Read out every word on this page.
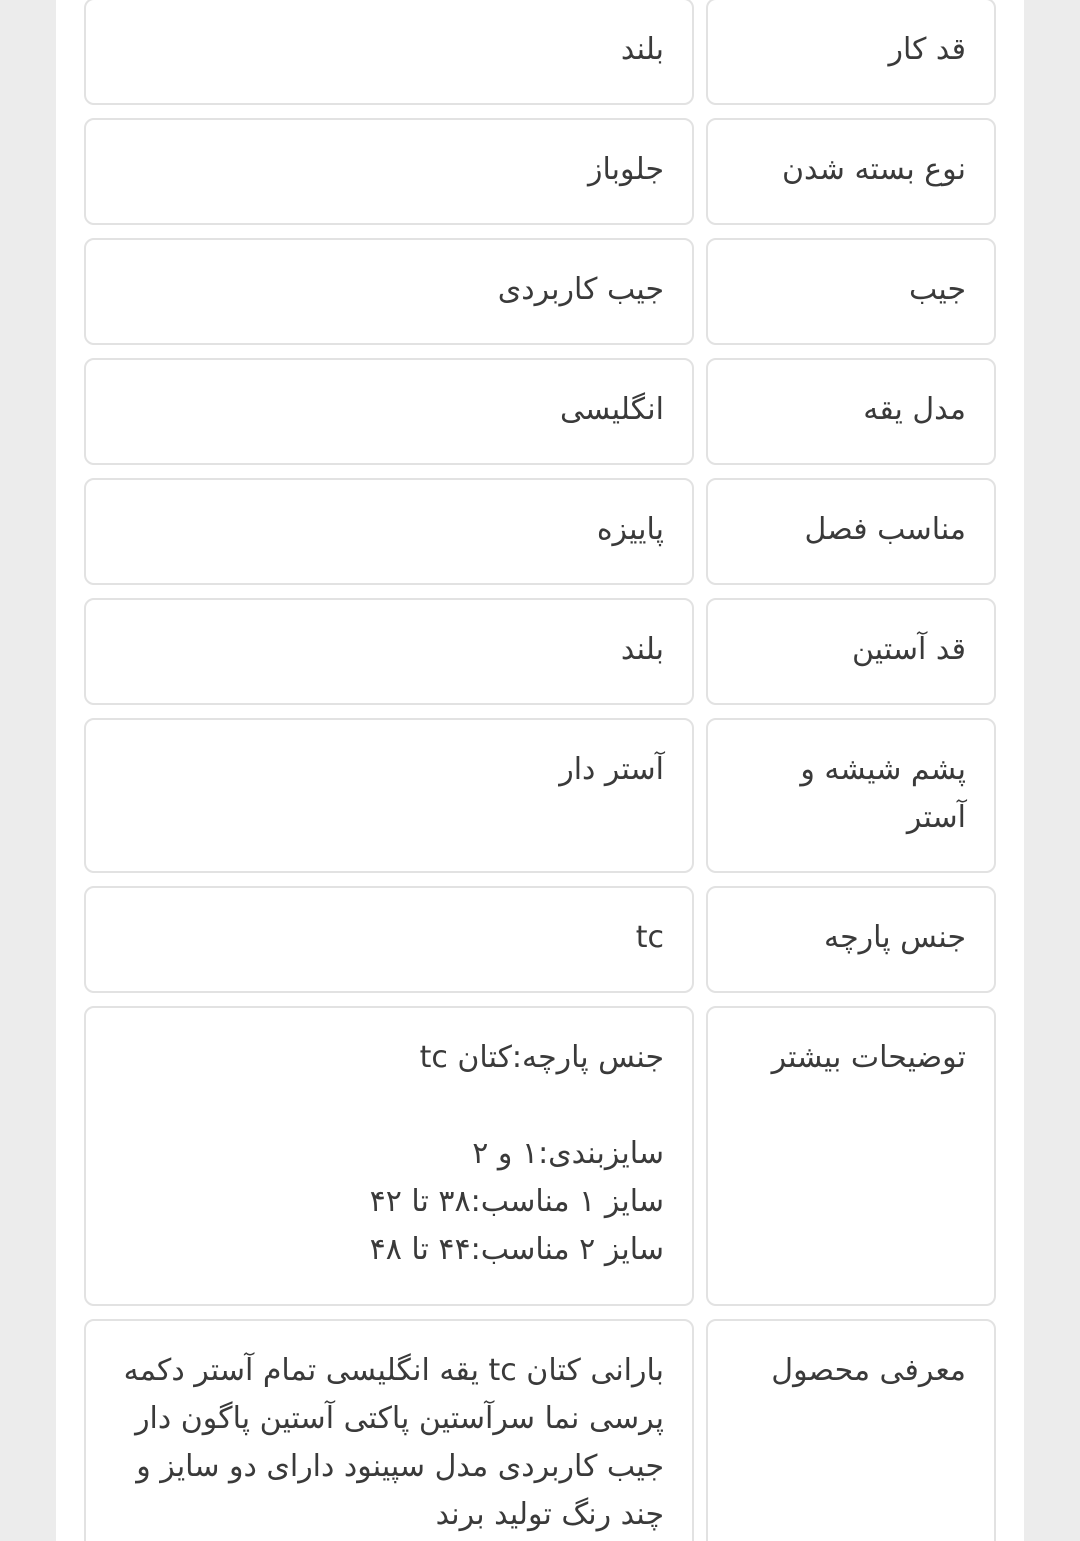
قد کار
بلند
نوع بسته شدن
جلوباز
جیب
جیب کاربردی
مدل یقه
انگلیسی
مناسب فصل
پاییزه
قد آستین
بلند
پشم شیشه و آستر
آستر دار
جنس پارچه
tc
توضیحات بیشتر
جنس پارچه:کتان tc

سایزبندی:۱ و ۲
سایز ۱ مناسب:۳۸ تا ۴۲
سایز ۲ مناسب:۴۴ تا ۴۸
معرفی محصول
بارانی کتان tc یقه انگلیسی تمام آستر دکمه پرسی نما سرآستین پاکتی آستین پاگون دار جیب کاربردی مدل سپینود دارای دو سایز و چند رنگ تولید برند
